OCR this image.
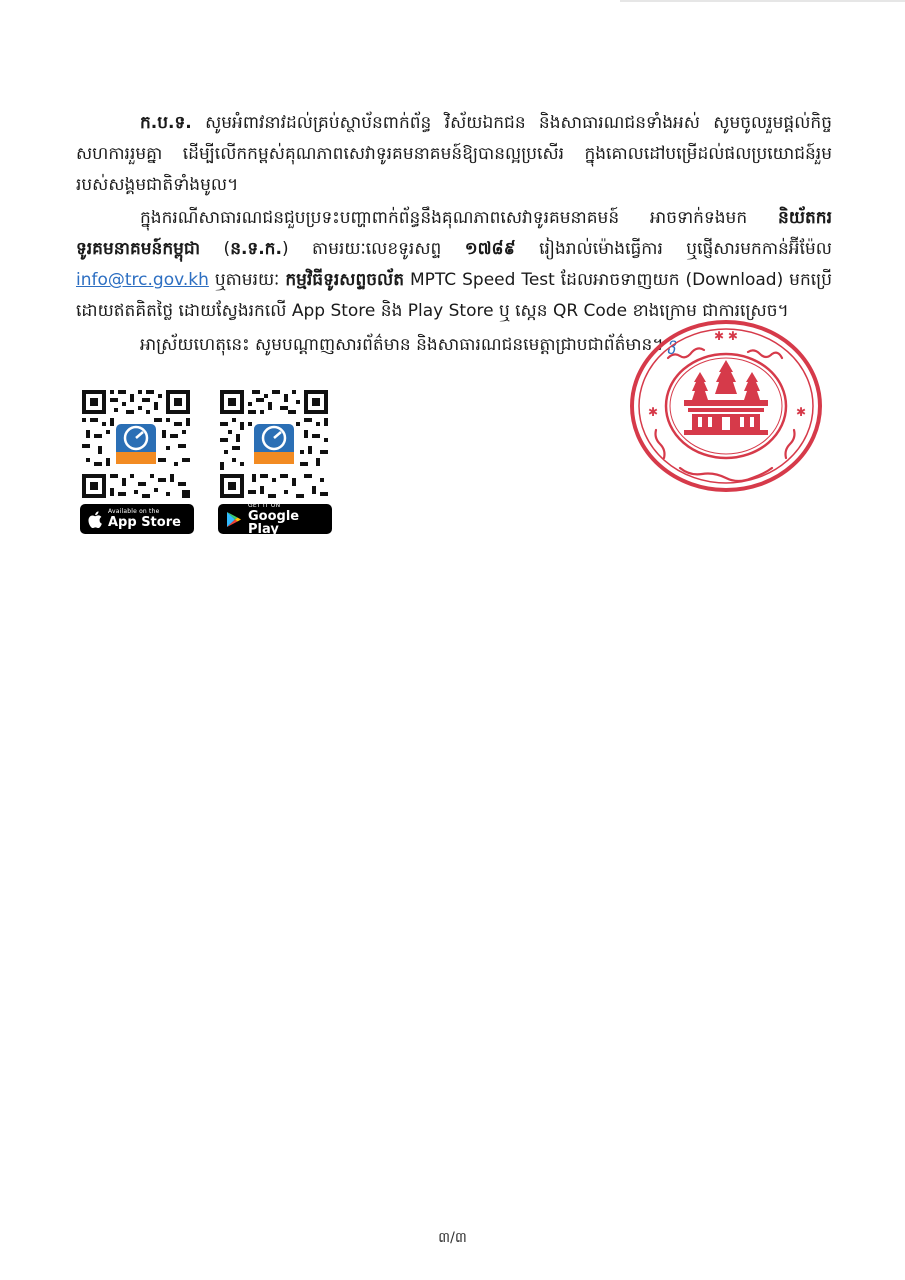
ក.ប.ទ. សូមអំពាវនាវដល់គ្រប់ស្ថាប័នពាក់ព័ន្ធ វិស័យឯកជន និងសាធារណជនទាំងអស់ សូមចូលរួមផ្តល់កិច្ចសហការរួមគ្នា ដើម្បីលើកកម្ពស់គុណភាពសេវាទូរគមនាគមន៍ឱ្យបានល្អប្រសើរ ក្នុងគោលដៅបម្រើដល់ផលប្រយោជន៍រួមរបស់សង្គមជាតិទាំងមូល។
ក្នុងករណីសាធារណជនជួបប្រទះបញ្ហាពាក់ព័ន្ធនឹងគុណភាពសេវាទូរគមនាគមន៍ អាចទាក់ទងមក និយ័តករទូរគមនាគមន៍កម្ពុជា (ន.ទ.ក.) តាមរយៈលេខទូរសព្ទ ១៧៨៩ រៀងរាល់ម៉ោងធ្វើការ ឬផ្ញើសារមកកាន់អ៊ីម៉ែល info@trc.gov.kh ឬតាមរយៈ កម្មវិធីទូរសព្ទចល័ត MPTC Speed Test ដែលអាចទាញយក (Download) មកប្រើដោយឥតគិតថ្លៃ ដោយស្វែងរកលើ App Store និង Play Store ឬ ស្កេន QR Code ខាងក្រោម ជាការស្រេច។
អាស្រ័យហេតុនេះ សូមបណ្តាញសារព័ត៌មាន និងសាធារណជនមេត្តាជ្រាបជាព័ត៌មាន។ ვ
Available on the
App Store
GET IT ON
Google Play
✱ ✱
✱	✱
៣/៣
